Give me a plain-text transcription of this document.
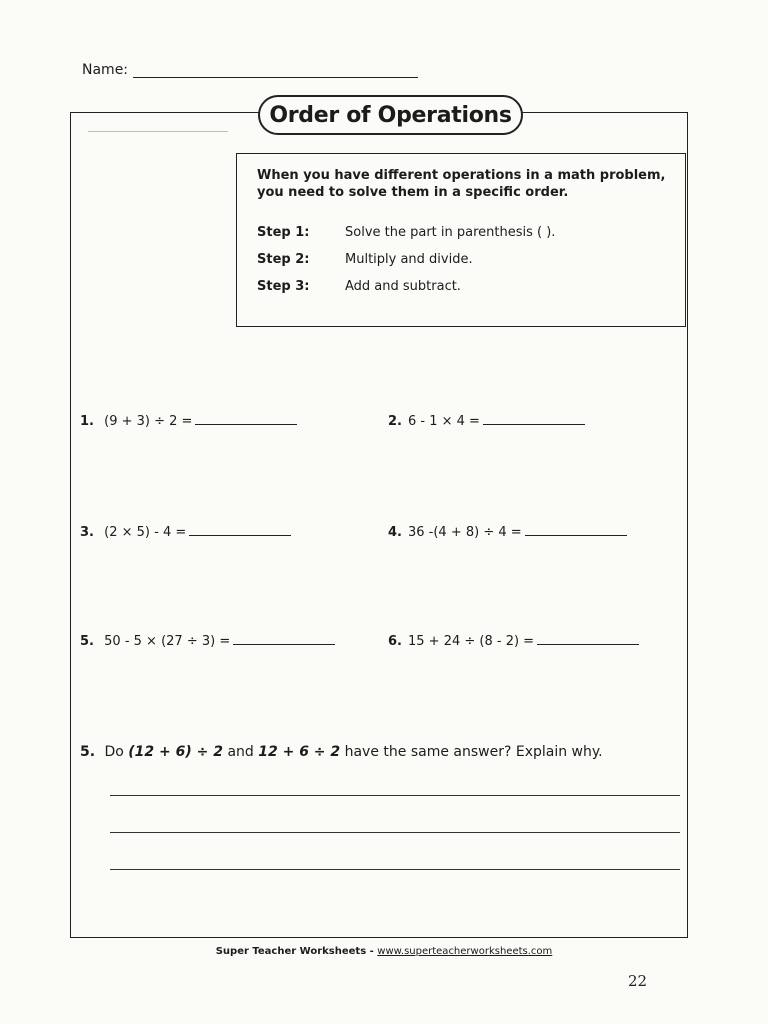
Name:
Order of Operations
When you have different operations in a math problem, you need to solve them in a specific order.
Step 1:	Solve the part in parenthesis ( ).
Step 2:	Multiply and divide.
Step 3:	Add and subtract.
1. (9 + 3) ÷ 2 =	2. 6 - 1 × 4 =
3. (2 × 5) - 4 =	4. 36 -(4 + 8) ÷ 4 =
5. 50 - 5 × (27 ÷ 3) =	6. 15 + 24 ÷ (8 - 2) =
5. Do (12 + 6) ÷ 2 and 12 + 6 ÷ 2 have the same answer? Explain why.
Super Teacher Worksheets - www.superteacherworksheets.com
22
